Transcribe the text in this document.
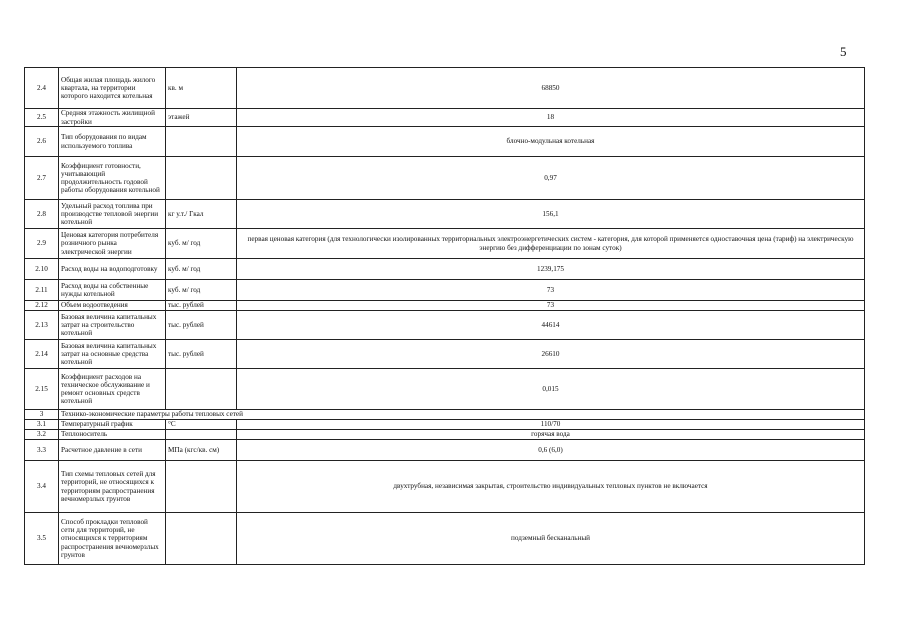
5
2.4	Общая жилая площадь жилого квартала, на территории которого находится котельная	кв. м	68850
2.5	Средняя этажность жилищной застройки	этажей	18
2.6	Тип оборудования по видам используемого топлива		блочно-модульная котельная
2.7	Коэффициент готовности, учитывающий продолжительность годовой работы оборудования котельной		0,97
2.8	Удельный расход топлива при производстве тепловой энергии котельной	кг у.т./ Гкал	156,1
2.9	Ценовая категория потребителя розничного рынка электрической энергии	куб. м/ год	первая ценовая категория (для технологически изолированных территориальных электроэнергетических систем - категория, для которой применяется одноставочная цена (тариф) на электрическую энергию без дифференциации по зонам суток)
2.10	Расход воды на водоподготовку	куб. м/ год	1239,175
2.11	Расход воды на собственные нужды котельной	куб. м/ год	73
2.12	Объем водоотведения	тыс. рублей	73
2.13	Базовая величина капитальных затрат на строительство котельной	тыс. рублей	44614
2.14	Базовая величина капитальных затрат на основные средства котельной	тыс. рублей	26610
2.15	Коэффициент расходов на техническое обслуживание и ремонт основных средств котельной		0,015
3	Технико-экономические параметры работы тепловых сетей		
3.1	Температурный график	°С	110/70
3.2	Теплоноситель		горячая вода
3.3	Расчетное давление в сети	МПа (кгс/кв. см)	0,6 (6,0)
3.4	Тип схемы тепловых сетей для территорий, не относящихся к территориям распространения вечномерзлых грунтов		двухтрубная, независимая закрытая, строительство индивидуальных тепловых пунктов не включается
3.5	Способ прокладки тепловой сети для территорий, не относящихся к территориям распространения вечномерзлых грунтов		подземный бесканальный
